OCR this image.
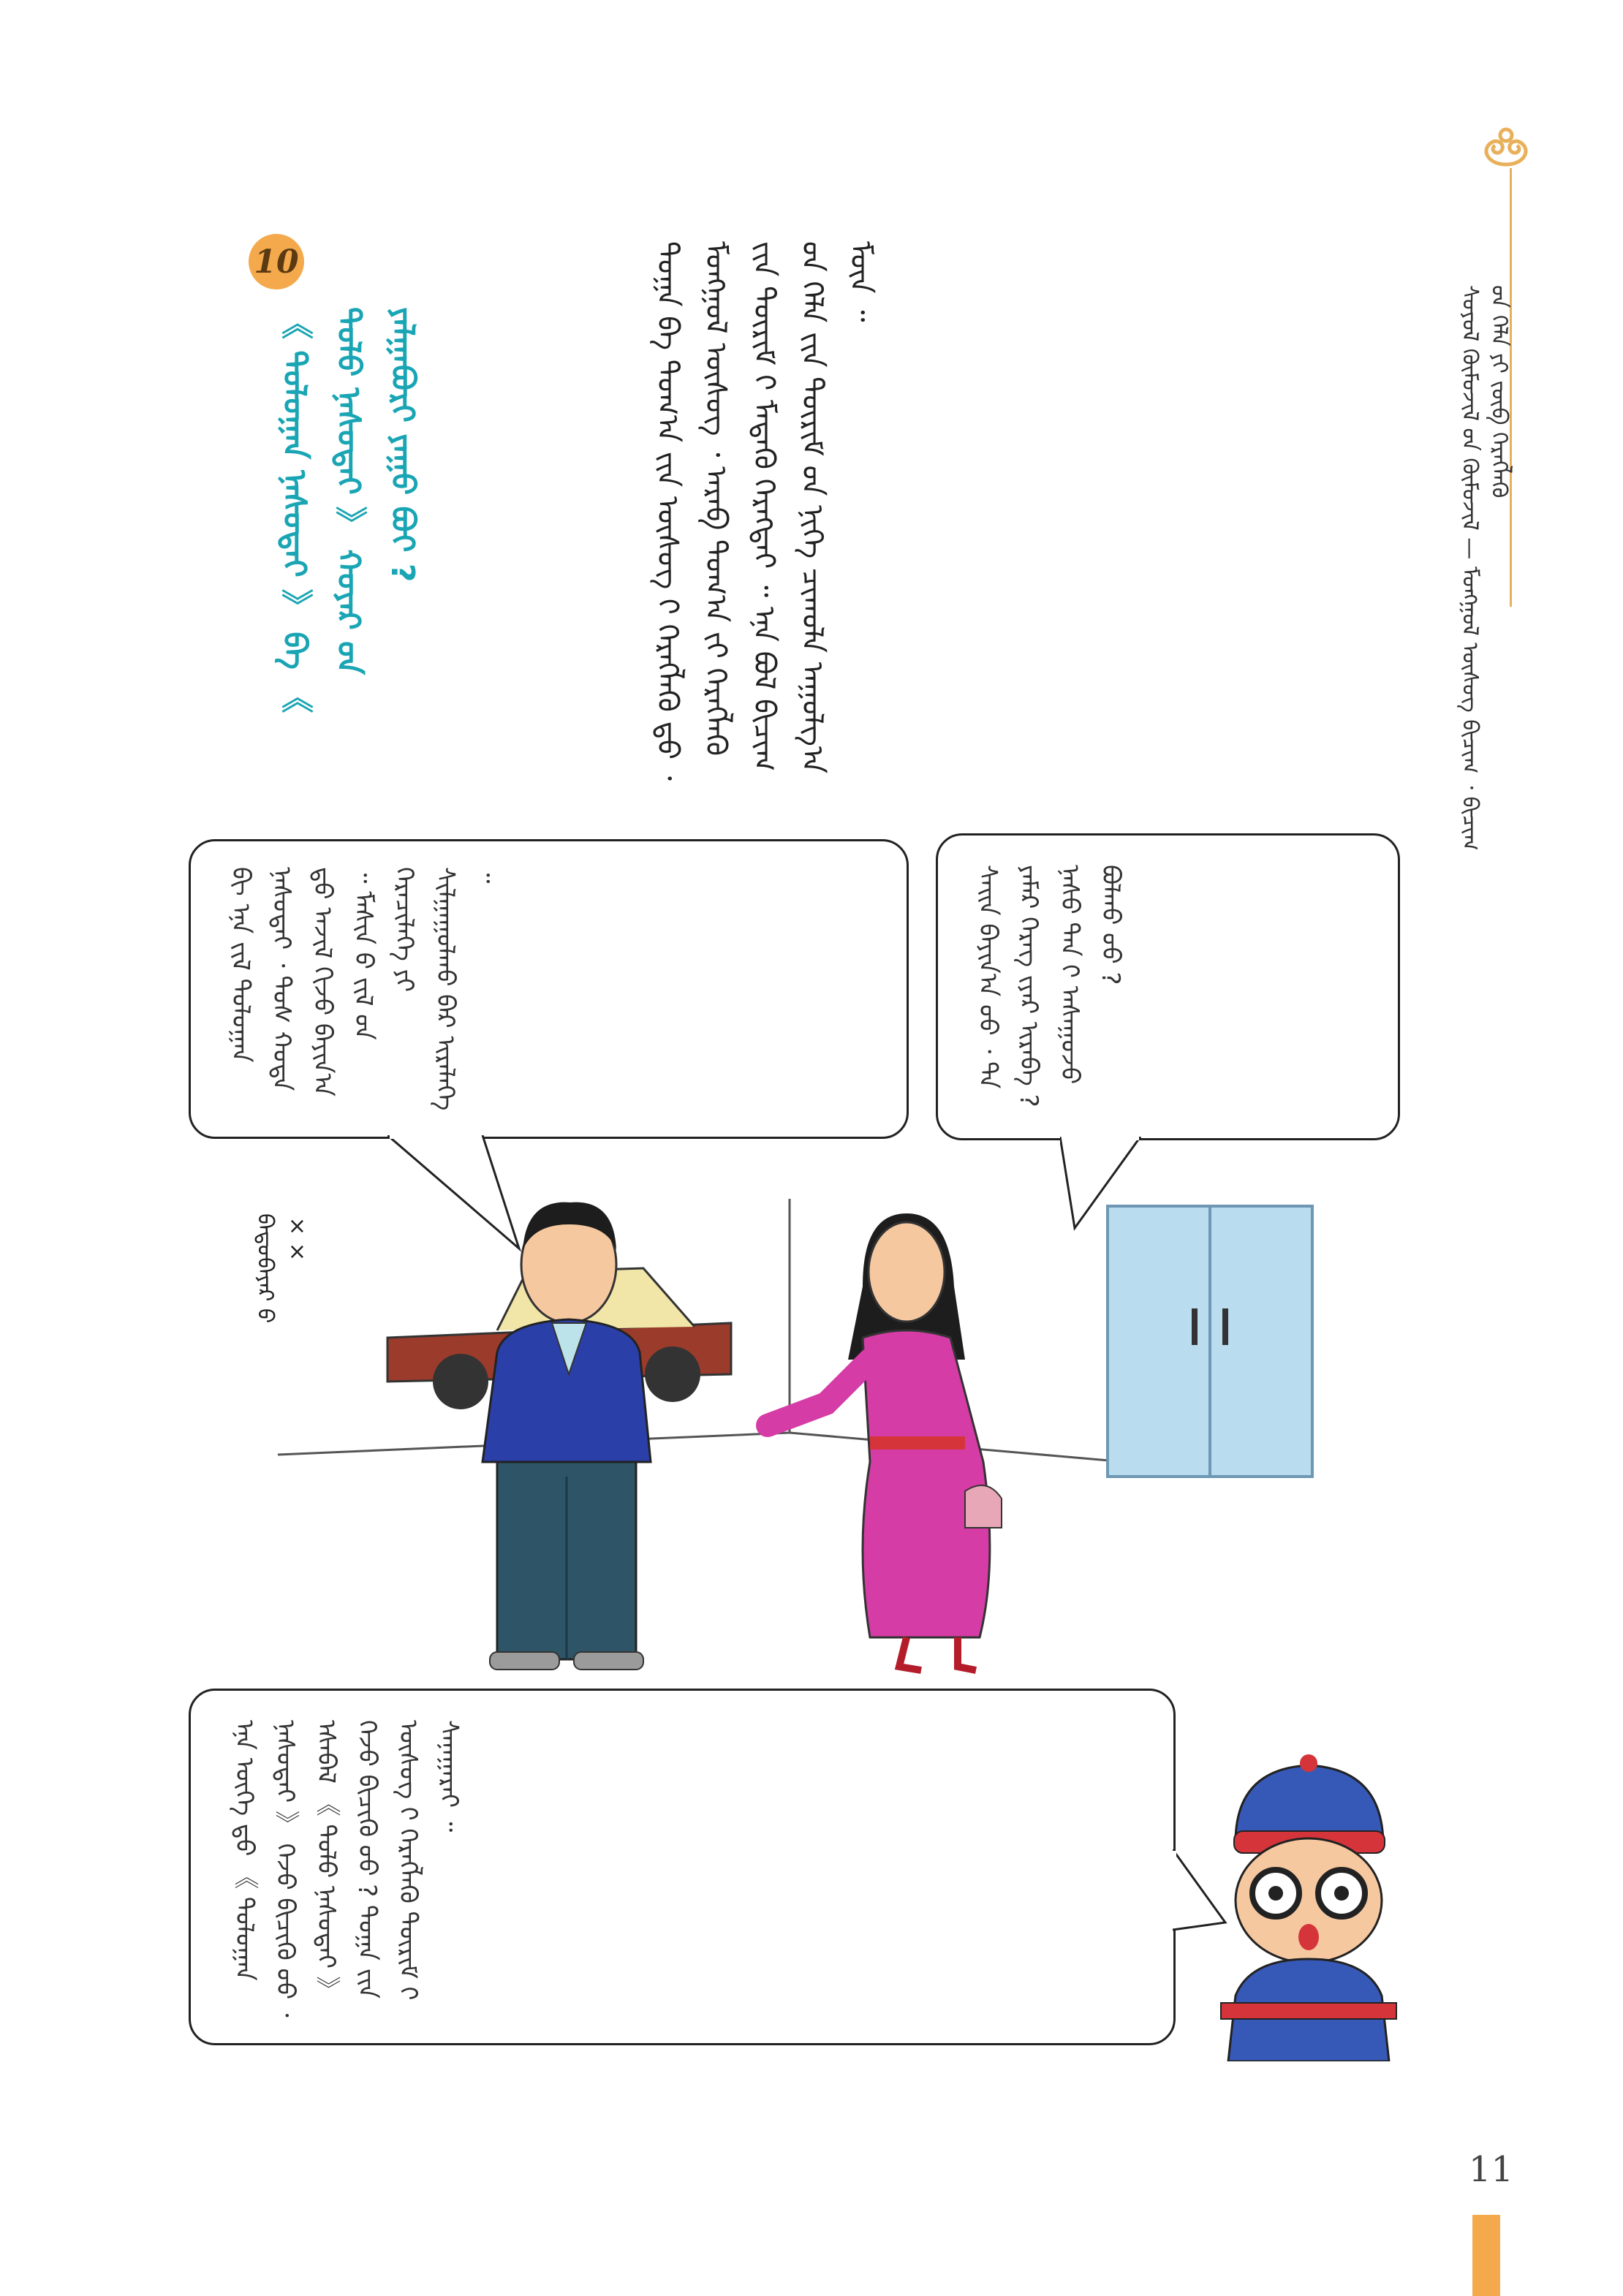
ᠰᠣᠶᠣᠯ ᠬᠦᠮᠦᠵᠢᠯ ᠤ᠋ᠨ ᠬᠥᠮᠦᠵᠢᠯ — ᠮᠣᠩᠭᠣᠯ ᠦᠰᠦᠭ ᠪᠢᠴᠢᠭ᠋ ᠂ ᠪᠢᠴᠢᠭ᠋ ᠤ᠋ᠨ ᠬᠡᠯᠡ ᠶᠢ ᠵᠥᠪ ᠬᠡᠷᠡᠭᠯᠡᠬᠦ
ᠲᠣᠭᠠ ᠪᠠ ᠲᠣᠭ᠎ᠠ ᠶ᠋ᠢᠨ ᠦᠰᠦᠭ ᠢ᠋ ᠬᠡᠷᠡᠭᠯᠡᠬᠦ ᠳ᠋ᠦ ᠂ ᠮᠣᠩᠭᠣᠯ ᠦᠰᠦᠭ ᠂ ᠠᠷᠠᠪ ᠲᠣᠭ᠎ᠠ ᠶ᠋ᠢ ᠬᠡᠷᠡᠭᠯᠡᠬᠦ ᠶ᠋ᠢᠨ ᠳᠦᠷᠢᠮ ᠢ᠋ ᠮᠡᠳᠡᠬᠦ ᠬᠡᠷᠡᠭᠲᠡᠢ ᠃ ᠡᠨᠡ ᠪᠣᠯ ᠪᠢᠴᠢᠭ᠋ ᠤ᠋ᠨ ᠬᠡᠯᠡ ᠶ᠋ᠢᠨ ᠳᠦᠷᠢᠮ ᠤ᠋ᠨ ᠨᠢᠭᠡ ᠴᠢᠬᠤᠯᠠ ᠠᠭᠤᠯᠭ᠎ᠠ ᠮᠥᠨ ᠃
10
《 ᠳᠣᠯᠣᠭᠠᠨ ᠨᠠᠰᠤᠲᠠᠢ 》 ᠪᠠ 《 ᠳᠣᠯᠣ ᠨᠠᠰᠤᠲᠠᠢ 》 ᠬᠣᠶᠠᠷ ᠤ᠋ᠨ ᠶᠠᠯᠭᠠᠪᠤᠷᠢ ᠶᠠᠭᠤ ᠪᠤᠢ ?
ᠰᠠᠢᠨ ᠪᠠᠶᠢᠨ᠎ᠠ ᠤᠤ ᠂ ᠲᠠ ᠶᠠᠮᠠᠷ ᠬᠡᠷᠡᠭ ᠢ᠋ᠶᠡᠷ ᠢᠷᠡᠪᠡ ? ᠨᠠᠰᠤ ᠲᠠᠨ ᠢ᠋ ᠠᠰᠠᠭᠤᠵᠤ ᠪᠣᠯᠬᠤ ᠤᠤ ?
ᠪᠢ ᠡᠨᠡ ᠵᠢᠯ ᠳᠣᠯᠣᠭᠠᠨ ᠨᠠᠰᠤᠲᠠᠢ ᠂ ᠲᠤᠰ ᠬᠣᠲᠠ ᠳ᠋ᠤ ᠠᠵᠢᠯ ᠬᠢᠵᠦ ᠪᠠᠶᠢᠨ᠎ᠠ ᠃ ᠮᠠᠰᠢᠨ ᠤ᠋ ᠵᠢᠯ ᠤ᠋ᠨ ᠭᠡᠷᠡᠴᠢᠯᠡᠬᠡ ᠶᠢ ᠰᠢᠯᠭᠠᠭᠤᠯᠬᠤ ᠪᠠᠷ ᠢᠷᠡᠯᠡᠭᠡ ᠃
ᠪᠠᠲᠤᠪᠠᠶᠠᠷ ᠤ᠋ ××
ᠡᠨᠡ ᠦᠭᠡ ᠳ᠋ᠦ 《 ᠳᠣᠯᠣᠭᠠᠨ ᠨᠠᠰᠤᠲᠠᠢ 》 ᠭᠡᠵᠦ ᠪᠢᠴᠢᠬᠦ ᠦᠦ ᠂ ᠡᠰᠡᠪᠡᠯ 《 ᠳᠣᠯᠣ ᠨᠠᠰᠤᠲᠠᠢ 》 ᠭᠡᠵᠦ ᠪᠢᠴᠢᠬᠦ ᠦᠦ ? ᠲᠣᠭᠠ ᠶ᠋ᠢᠨ ᠦᠰᠦᠭ ᠢ᠋ ᠬᠡᠷᠡᠭᠯᠡᠬᠦ ᠳᠦᠷᠢᠮ ᠢ᠋ ᠰᠠᠨᠠᠭᠠᠷᠠᠢ ᠃
11
